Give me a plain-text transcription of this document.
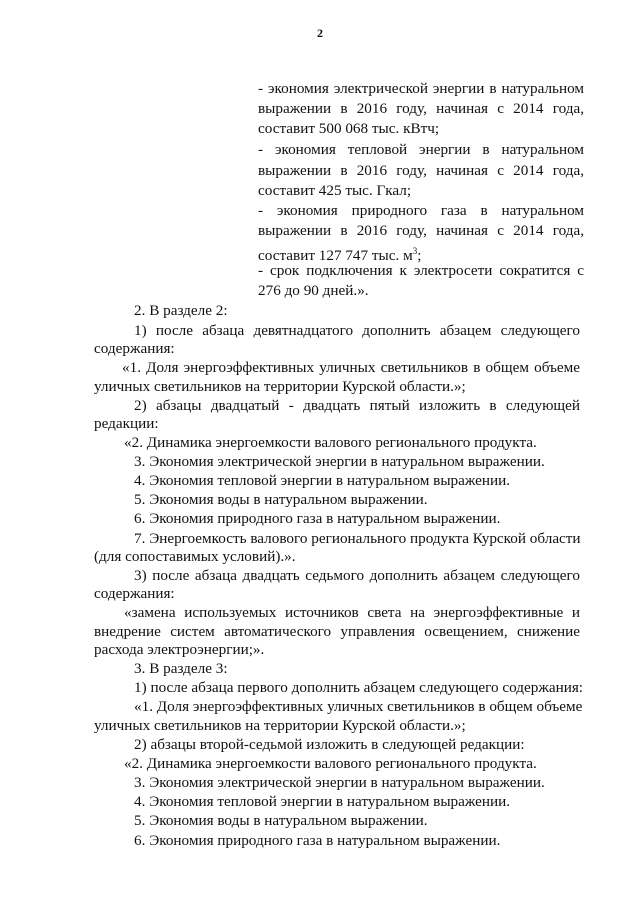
2
- экономия электрической энергии в натуральном
выражении в 2016 году, начиная с 2014 года,
составит 500 068 тыс. кВтч;
- экономия тепловой энергии в натуральном
выражении в 2016 году, начиная с 2014 года,
составит 425 тыс. Гкал;
- экономия природного газа в натуральном
выражении в 2016 году, начиная с 2014 года,
составит 127 747 тыс. $м^3$;
- срок подключения к электросети сократится с
276 до 90 дней.».
2. В разделе 2:
1) после абзаца девятнадцатого дополнить абзацем следующего
содержания:
«1. Доля энергоэффективных уличных светильников в общем объеме
уличных светильников на территории Курской области.»;
2) абзацы двадцатый - двадцать пятый изложить в следующей
редакции:
«2. Динамика энергоемкости валового регионального продукта.
3. Экономия электрической энергии в натуральном выражении.
4. Экономия тепловой энергии в натуральном выражении.
5. Экономия воды в натуральном выражении.
6. Экономия природного газа в натуральном выражении.
7. Энергоемкость валового регионального продукта Курской области
(для сопоставимых условий).».
3) после абзаца двадцать седьмого дополнить абзацем следующего
содержания:
«замена используемых источников света на энергоэффективные и
внедрение систем автоматического управления освещением, снижение
расхода электроэнергии;».
3. В разделе 3:
1) после абзаца первого дополнить абзацем следующего содержания:
«1. Доля энергоэффективных уличных светильников в общем объеме
уличных светильников на территории Курской области.»;
2) абзацы второй-седьмой изложить в следующей редакции:
«2. Динамика энергоемкости валового регионального продукта.
3. Экономия электрической энергии в натуральном выражении.
4. Экономия тепловой энергии в натуральном выражении.
5. Экономия воды в натуральном выражении.
6. Экономия природного газа в натуральном выражении.
